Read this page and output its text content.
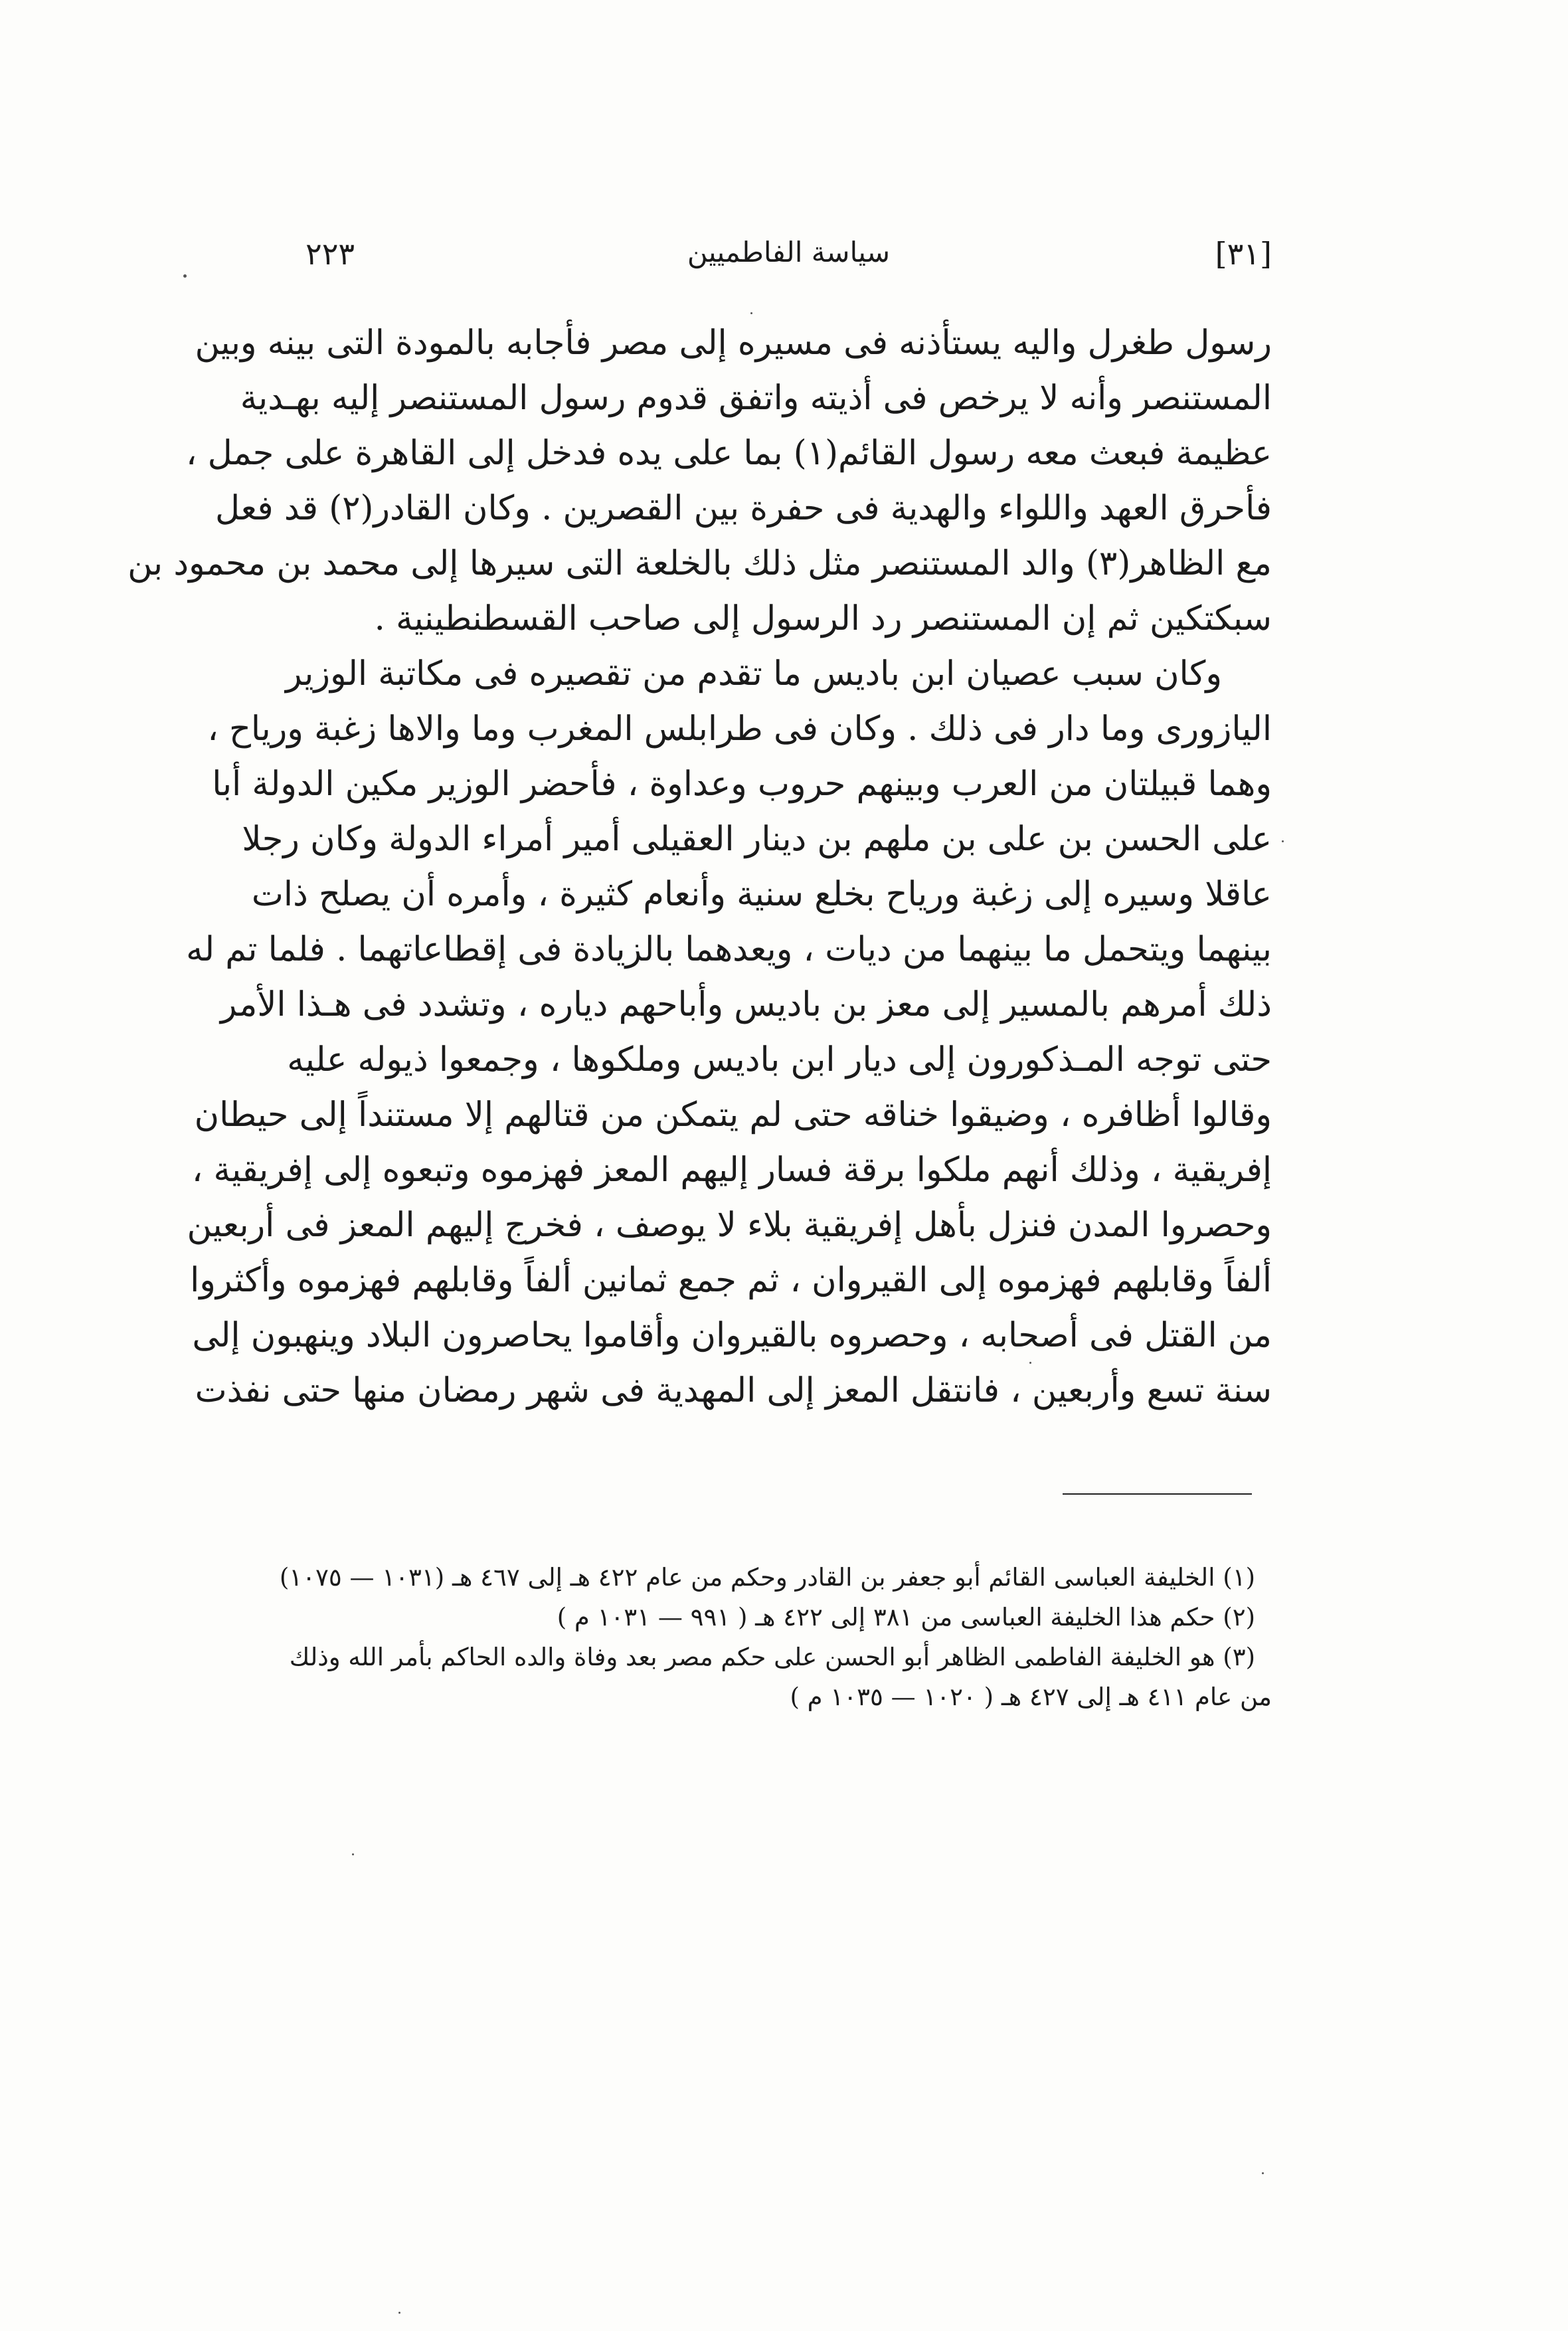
[٣١]
سياسة الفاطميين
٢٢٣
رسول طغرل واليه يستأذنه فى مسيره إلى مصر فأجابه بالمودة التى بينه وبين
المستنصر وأنه لا يرخص فى أذيته واتفق قدوم رسول المستنصر إليه بهـدية
عظيمة فبعث معه رسول القائم(١) بما على يده فدخل إلى القاهرة على جمل ،
فأحرق العهد واللواء والهدية فى حفرة بين القصرين . وكان القادر(٢) قد فعل
مع الظاهر(٣) والد المستنصر مثل ذلك بالخلعة التى سيرها إلى محمد بن محمود بن
سبكتكين ثم إن المستنصر رد الرسول إلى صاحب القسطنطينية .
وكان سبب عصيان ابن باديس ما تقدم من تقصيره فى مكاتبة الوزير
اليازورى وما دار فى ذلك . وكان فى طرابلس المغرب وما والاها زغبة ورياح ،
وهما قبيلتان من العرب وبينهم حروب وعداوة ، فأحضر الوزير مكين الدولة أبا
على الحسن بن على بن ملهم بن دينار العقيلى أمير أمراء الدولة وكان رجلا
عاقلا وسيره إلى زغبة ورياح بخلع سنية وأنعام كثيرة ، وأمره أن يصلح ذات
بينهما ويتحمل ما بينهما من ديات ، ويعدهما بالزيادة فى إقطاعاتهما . فلما تم له
ذلك أمرهم بالمسير إلى معز بن باديس وأباحهم دياره ، وتشدد فى هـذا الأمر
حتى توجه المـذكورون إلى ديار ابن باديس وملكوها ، وجمعوا ذيوله عليه
وقالوا أظافره ، وضيقوا خناقه حتى لم يتمكن من قتالهم إلا مستنداً إلى حيطان
إفريقية ، وذلك أنهم ملكوا برقة فسار إليهم المعز فهزموه وتبعوه إلى إفريقية ،
وحصروا المدن فنزل بأهل إفريقية بلاء لا يوصف ، فخرج إليهم المعز فى أربعين
ألفاً وقابلهم فهزموه إلى القيروان ، ثم جمع ثمانين ألفاً وقابلهم فهزموه وأكثروا
من القتل فى أصحابه ، وحصروه بالقيروان وأقاموا يحاصرون البلاد وينهبون إلى
سنة تسع وأربعين ، فانتقل المعز إلى المهدية فى شهر رمضان منها حتى نفذت
(١) الخليفة العباسى القائم أبو جعفر بن القادر وحكم من عام ٤٢٢ هـ إلى ٤٦٧ هـ (١٠٣١ — ١٠٧٥)
(٢) حكم هذا الخليفة العباسى من ٣٨١ إلى ٤٢٢ هـ ( ٩٩١ — ١٠٣١ م )
(٣) هو الخليفة الفاطمى الظاهر أبو الحسن على حكم مصر بعد وفاة والده الحاكم بأمر الله وذلك
من عام ٤١١ هـ إلى ٤٢٧ هـ ( ١٠٢٠ — ١٠٣٥ م )
